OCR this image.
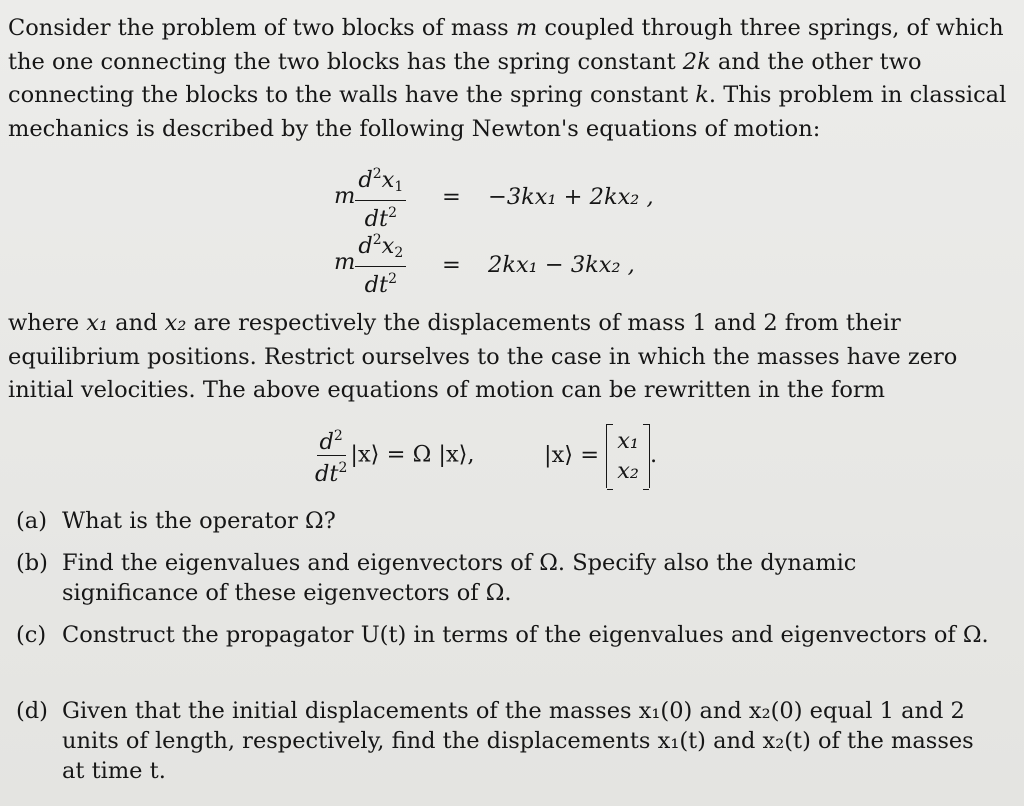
Consider the problem of two blocks of mass m coupled through three springs, of which the one connecting the two blocks has the spring constant 2k and the other two connecting the blocks to the walls have the spring constant k. This problem in classical mechanics is described by the following Newton's equations of motion:

m $\frac{d^2x_1}{dt^2} = -3kx_1 + 2kx_2$ ,
m $\frac{d^2x_2}{dt^2} = 2kx_1 - 3kx_2$ ,

where x₁ and x₂ are respectively the displacements of mass 1 and 2 from their equilibrium positions. Restrict ourselves to the case in which the masses have zero initial velocities. The above equations of motion can be rewritten in the form

$\frac{d^2}{dt^2}$ |x⟩ = Ω |x⟩,	|x⟩ =
x₁
x₂
.
(a) What is the operator Ω?
(b) Find the eigenvalues and eigenvectors of Ω. Specify also the dynamic significance of these eigenvectors of Ω.
(c) Construct the propagator U(t) in terms of the eigenvalues and eigenvectors of Ω.
(d) Given that the initial displacements of the masses x₁(0) and x₂(0) equal 1 and 2 units of length, respectively, find the displacements x₁(t) and x₂(t) of the masses at time t.
